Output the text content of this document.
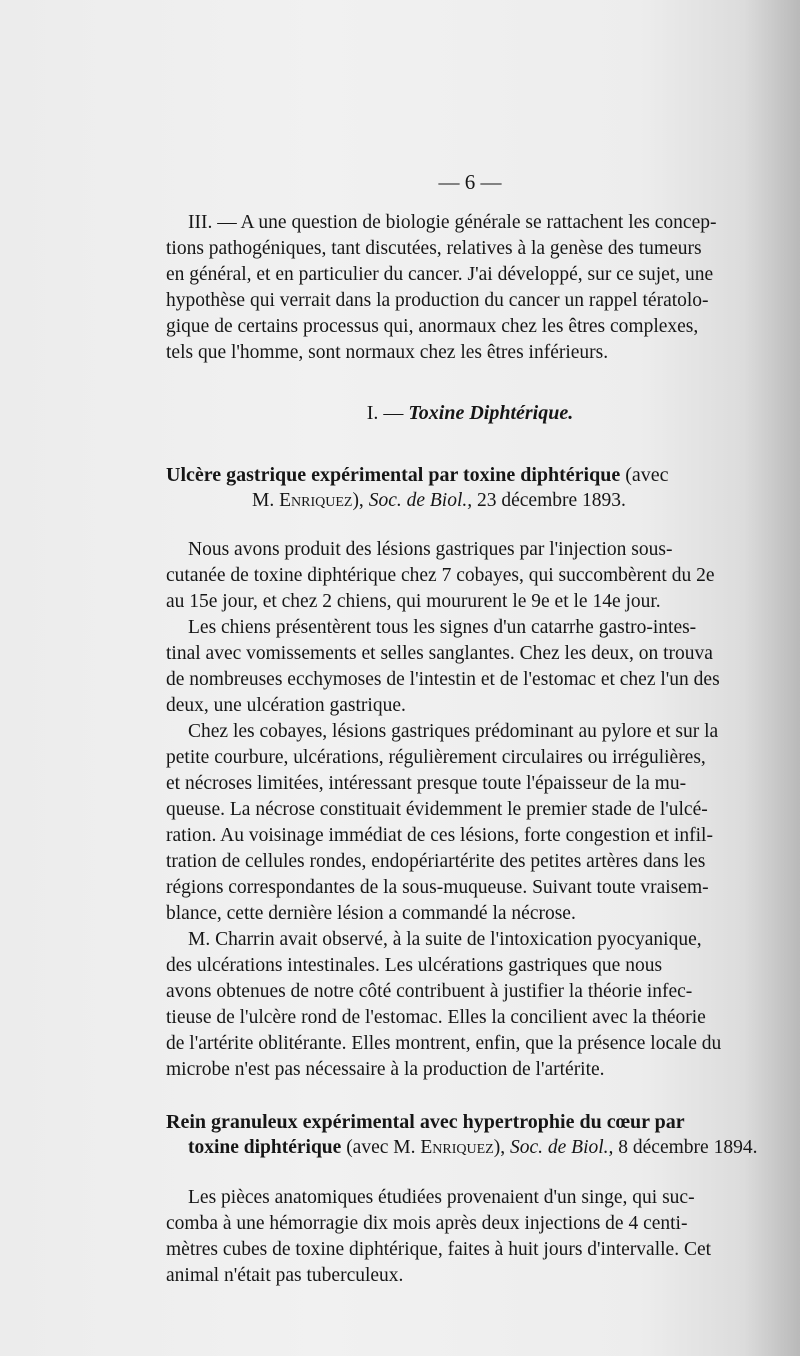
— 6 —
III. — A une question de biologie générale se rattachent les concep-
tions pathogéniques, tant discutées, relatives à la genèse des tumeurs
en général, et en particulier du cancer. J'ai développé, sur ce sujet, une
hypothèse qui verrait dans la production du cancer un rappel tératolo-
gique de certains processus qui, anormaux chez les êtres complexes,
tels que l'homme, sont normaux chez les êtres inférieurs.
I. — Toxine Diphtérique.
Ulcère gastrique expérimental par toxine diphtérique (avec
M. Enriquez), Soc. de Biol., 23 décembre 1893.
Nous avons produit des lésions gastriques par l'injection sous-
cutanée de toxine diphtérique chez 7 cobayes, qui succombèrent du 2e
au 15e jour, et chez 2 chiens, qui moururent le 9e et le 14e jour.
Les chiens présentèrent tous les signes d'un catarrhe gastro-intes-
tinal avec vomissements et selles sanglantes. Chez les deux, on trouva
de nombreuses ecchymoses de l'intestin et de l'estomac et chez l'un des
deux, une ulcération gastrique.
Chez les cobayes, lésions gastriques prédominant au pylore et sur la
petite courbure, ulcérations, régulièrement circulaires ou irrégulières,
et nécroses limitées, intéressant presque toute l'épaisseur de la mu-
queuse. La nécrose constituait évidemment le premier stade de l'ulcé-
ration. Au voisinage immédiat de ces lésions, forte congestion et infil-
tration de cellules rondes, endopériartérite des petites artères dans les
régions correspondantes de la sous-muqueuse. Suivant toute vraisem-
blance, cette dernière lésion a commandé la nécrose.
M. Charrin avait observé, à la suite de l'intoxication pyocyanique,
des ulcérations intestinales. Les ulcérations gastriques que nous
avons obtenues de notre côté contribuent à justifier la théorie infec-
tieuse de l'ulcère rond de l'estomac. Elles la concilient avec la théorie
de l'artérite oblitérante. Elles montrent, enfin, que la présence locale du
microbe n'est pas nécessaire à la production de l'artérite.
Rein granuleux expérimental avec hypertrophie du cœur par
toxine diphtérique (avec M. Enriquez), Soc. de Biol., 8 décembre 1894.
Les pièces anatomiques étudiées provenaient d'un singe, qui suc-
comba à une hémorragie dix mois après deux injections de 4 centi-
mètres cubes de toxine diphtérique, faites à huit jours d'intervalle. Cet
animal n'était pas tuberculeux.
